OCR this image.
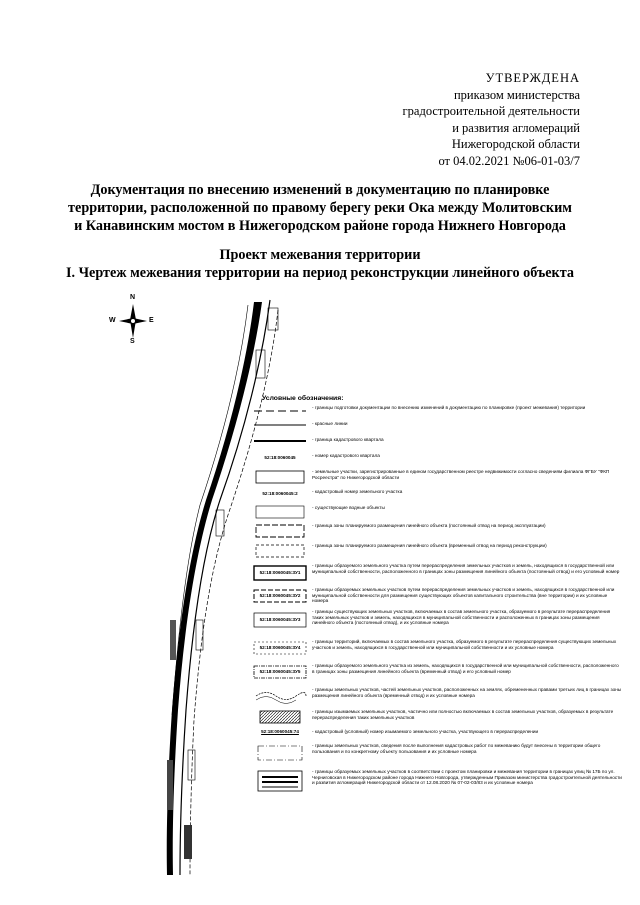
УТВЕРЖДЕНА
приказом министерства
градостроительной деятельности
и развития агломераций
Нижегородской области
от 04.02.2021 №06-01-03/7
Документация по внесению изменений в документацию по планировке
территории, расположенной по правому берегу реки Ока между Молитовским
и Канавинским мостом в Нижегородском районе города Нижнего Новгорода
Проект межевания территории
I. Чертеж межевания территории на период реконструкции линейного объекта
N
S
W	E
Условные обозначения:
- границы подготовки документации по внесению изменений в документацию по планировке (проект межевания) территории
- красные линии
- граница кадастрового квартала
52:18:0060045	- номер кадастрового квартала
- земельные участки, зарегистрированные в едином государственном реестре недвижимости согласно сведениям филиала ФГБУ "ФКП Росреестра" по Нижегородской области
52:18:0060045:2	- кадастровый номер земельного участка
- существующие водные объекты
- граница зоны планируемого размещения линейного объекта (постоянный отвод на период эксплуатации)
- граница зоны планируемого размещения линейного объекта (временный отвод на период реконструкции)
52:18:0060045:ЗУ1
- границы образуемого земельного участка путем перераспределения земельных участков и земель, находящихся в государственной или муниципальной собственности, расположенного в границах зоны размещения линейного объекта (постоянный отвод) и его условный номер
52:18:0060045:ЗУ2
- границы образуемых земельных участков путем перераспределения земельных участков и земель, находящихся в государственной или муниципальной собственности для размещения существующих объектов капитального строительства (вне территории) и их условные номера
52:18:0060045:ЗУ3
- границы существующих земельных участков, включаемых в состав земельного участка, образуемого в результате перераспределения таких земельных участков и земель, находящихся в муниципальной собственности и расположенных в границах зоны размещения линейного объекта (постоянный отвод), и их условные номера
52:18:0060045:ЗУ4
- границы территорий, включаемых в состав земельного участка, образуемого в результате перераспределения существующих земельных участков и земель, находящихся в государственной или муниципальной собственности и их условные номера
52:18:0060045:ЗУ5
- границы образуемого земельного участка из земель, находящихся в государственной или муниципальной собственности, расположенного в границах зоны размещения линейного объекта (временный отвод) и его условный номер
- границы земельных участков, частей земельных участков, расположенных на землях, обремененных правами третьих лиц в границах зоны размещения линейного объекта (временный отвод) и их условные номера
- границы изымаемых земельных участков, частично или полностью включаемых в состав земельных участков, образуемых в результате перераспределения таких земельных участков
52:18:0060045:74	- кадастровый (условный) номер изымаемого земельного участка, участвующего в перераспределении
- границы земельных участков, сведения после выполнения кадастровых работ по межеванию будут внесены в территории общего пользования и по конкретному объекту пользования и их условные номера
- границы образуемых земельных участков в соответствии с проектом планировки и межевания территории в границах улиц № 17Б по ул. Черниговская в Нижегородском районе города Нижнего Новгорода, утвержденным Приказом министерства градостроительной деятельности и развития агломераций Нижегородской области от 12.08.2020 № 07-02-03/83 и их условные номера
